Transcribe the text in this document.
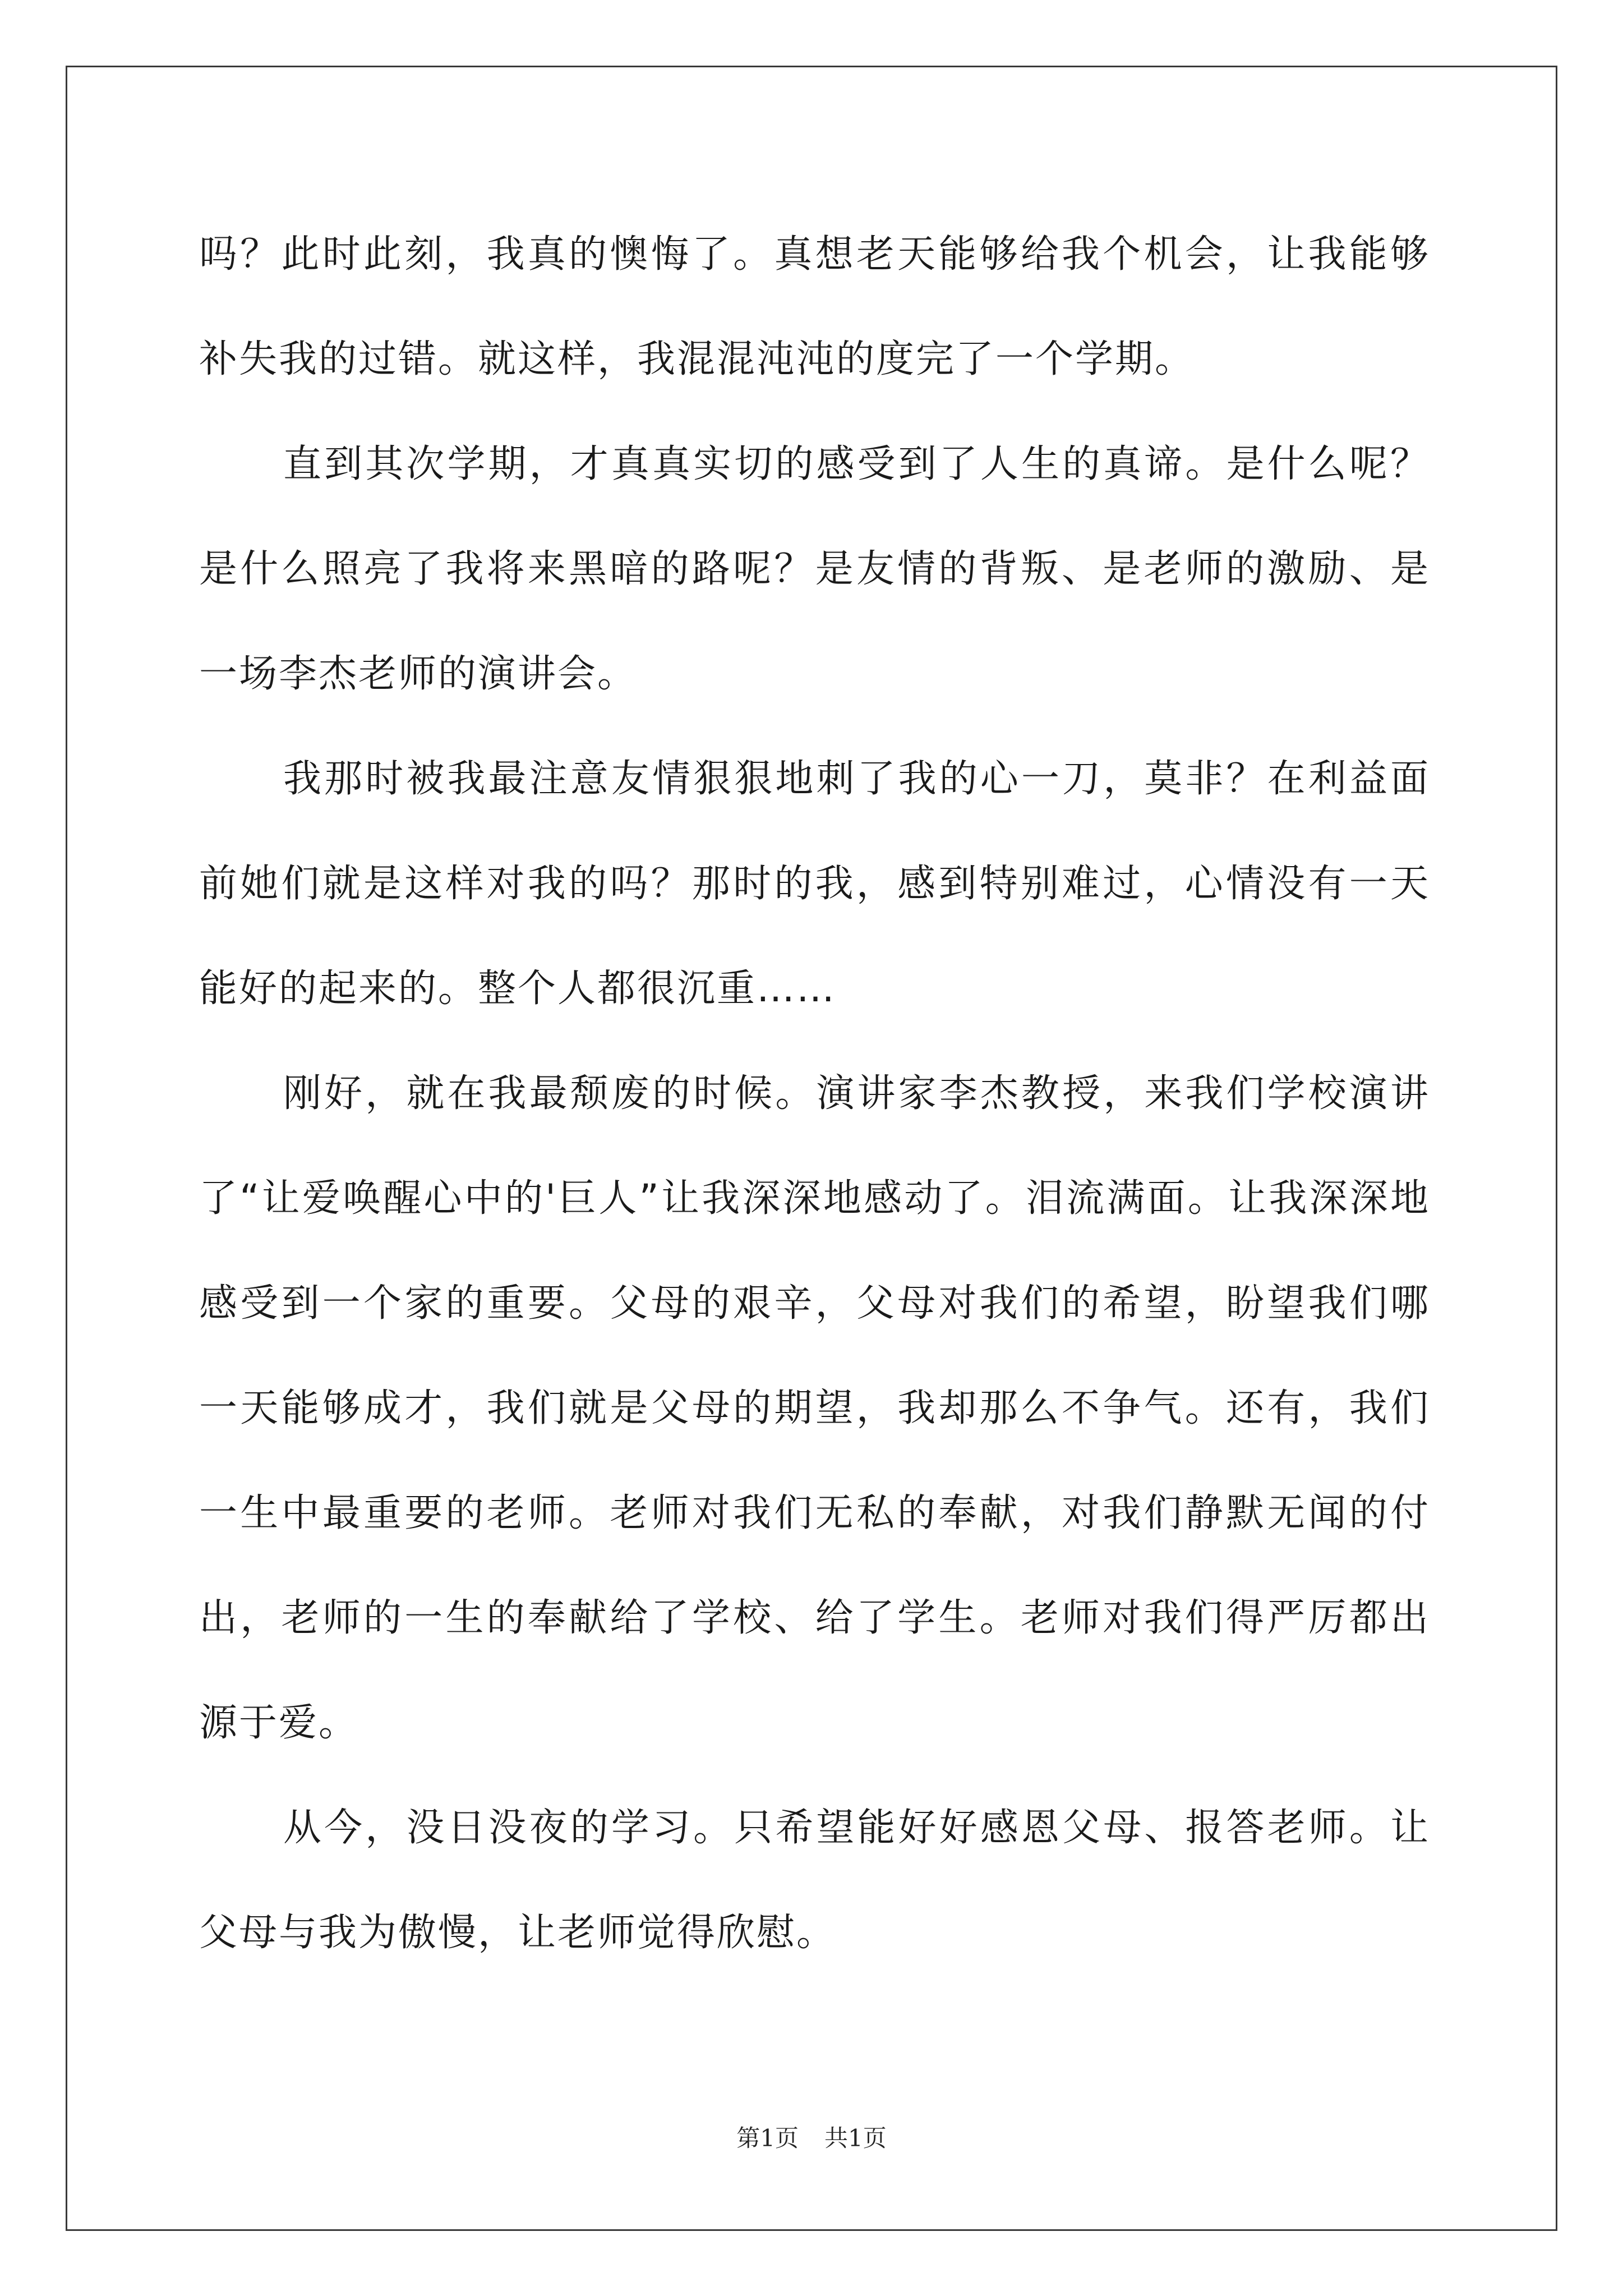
吗？此时此刻，我真的懊悔了。真想老天能够给我个机会，让我能够补失我的过错。就这样，我混混沌沌的度完了一个学期。

直到其次学期，才真真实切的感受到了人生的真谛。是什么呢？是什么照亮了我将来黑暗的路呢？是友情的背叛、是老师的激励、是一场李杰老师的演讲会。

我那时被我最注意友情狠狠地刺了我的心一刀，莫非？在利益面前她们就是这样对我的吗？那时的我，感到特别难过，心情没有一天能好的起来的。整个人都很沉重……

刚好，就在我最颓废的时候。演讲家李杰教授，来我们学校演讲了“让爱唤醒心中的'巨人”让我深深地感动了。泪流满面。让我深深地感受到一个家的重要。父母的艰辛，父母对我们的希望，盼望我们哪一天能够成才，我们就是父母的期望，我却那么不争气。还有，我们一生中最重要的老师。老师对我们无私的奉献，对我们静默无闻的付出，老师的一生的奉献给了学校、给了学生。老师对我们得严厉都出源于爱。

从今，没日没夜的学习。只希望能好好感恩父母、报答老师。让父母与我为傲慢，让老师觉得欣慰。

第1页 共1页
